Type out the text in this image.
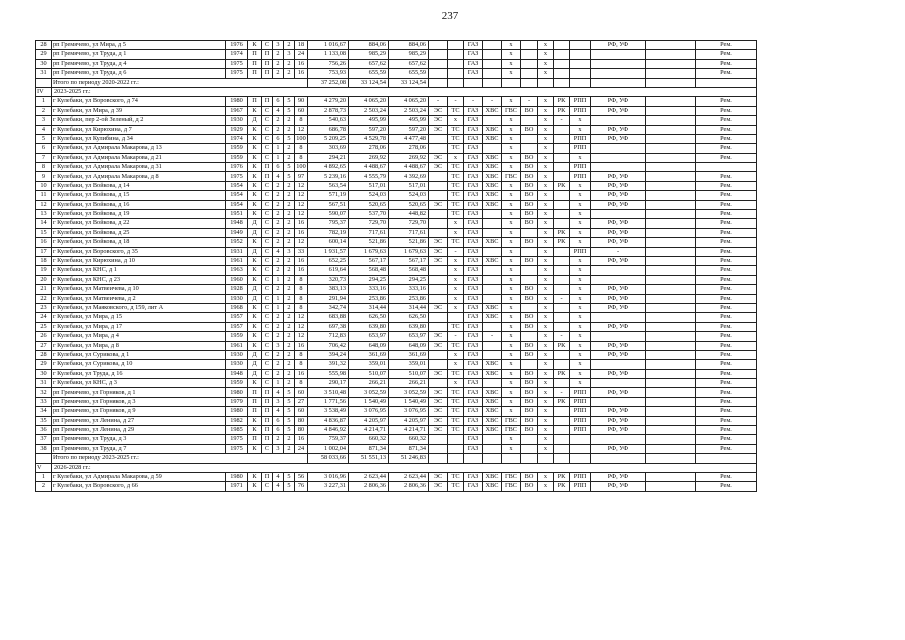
237
28	рп Гремячево, ул Мира, д 5	1976	К	С	3	2	18	1 016,67	884,06	884,06			ГАЗ		х		х			РФ, УФ		Рем.
29	рп Гремячево, ул Труда, д 1	1974	П	П	2	3	24	1 133,08	985,29	985,29			ГАЗ		х		х					Рем.
30	рп Гремячево, ул Труда, д 4	1975	П	П	2	2	16	756,26	657,62	657,62			ГАЗ		х		х					Рем.
31	рп Гремячево, ул Труда, д 6	1975	П	П	2	2	16	753,93	655,59	655,59			ГАЗ		х		х					Рем.
	Итого по периоду 2020-2022 гг.:							37 252,08	33 124,54	33 124,54												
IV	2023-2025 гг.:																					
1	г Кулебаки, ул Воровского, д 74	1980	П	П	6	5	90	4 279,20	4 065,20	4 065,20	-	-	-	-	х	-	х	РК	РПП	РФ, УФ		Рем.
2	г Кулебаки, ул Мира, д 39	1967	К	С	4	5	60	2 878,73	2 503,24	2 503,24	ЭС	ТС	ГАЗ	ХВС	ГВС	ВО	х	РК	РПП	РФ, УФ		Рем.
3	г Кулебаки, пер 2-ой Зеленый, д 2	1930	Д	С	2	2	8	540,63	495,99	495,99	ЭС	х	ГАЗ		х		х	-	х			Рем.
4	г Кулебаки, ул Кирюхина, д 7	1929	К	С	2	2	12	686,78	597,20	597,20	ЭС	ТС	ГАЗ	ХВС	х	ВО	х		х	РФ, УФ		Рем.
5	г Кулебаки, ул Кулибина, д 34	1974	К	С	6	5	100	5 209,25	4 529,78	4 477,48		ТС	ГАЗ	ХВС	х		х		РПП	РФ, УФ		Рем.
6	г Кулебаки, ул Адмирала Макарова, д 13	1959	К	С	1	2	8	303,69	278,06	278,06		ТС	ГАЗ		х		х		РПП			Рем.
7	г Кулебаки, ул Адмирала Макарова, д 21	1959	К	С	1	2	8	294,21	269,92	269,92	ЭС	х	ГАЗ	ХВС	х	ВО	х		х			Рем.
8	г Кулебаки, ул Адмирала Макарова, д 31	1976	К	П	6	5	100	4 892,65	4 488,67	4 488,67	ЭС	ТС	ГАЗ	ХВС	х	ВО	х		РПП			
9	г Кулебаки, ул Адмирала Макарова, д 8	1975	К	П	4	5	97	5 239,16	4 555,79	4 392,69		ТС	ГАЗ	ХВС	ГВС	ВО	х		РПП	РФ, УФ		Рем.
10	г Кулебаки, ул Войкова, д 14	1954	К	С	2	2	12	563,54	517,01	517,01		ТС	ГАЗ	ХВС	х	ВО	х	РК	х	РФ, УФ		Рем.
11	г Кулебаки, ул Войкова, д 15	1954	К	С	2	2	12	571,19	524,03	524,03		ТС	ГАЗ	ХВС	х	ВО	х		х	РФ, УФ		Рем.
12	г Кулебаки, ул Войкова, д 16	1954	К	С	2	2	12	567,51	520,65	520,65	ЭС	ТС	ГАЗ	ХВС	х	ВО	х		х	РФ, УФ		Рем.
13	г Кулебаки, ул Войкова, д 19	1951	К	С	2	2	12	590,07	537,70	448,82		ТС	ГАЗ		х	ВО	х		х			Рем.
14	г Кулебаки, ул Войкова, д 22	1948	Д	С	2	2	16	795,37	729,70	729,70		х	ГАЗ		х	ВО	х		х	РФ, УФ		Рем.
15	г Кулебаки, ул Войкова, д 25	1949	Д	С	2	2	16	782,19	717,61	717,61		х	ГАЗ		х		х	РК	х	РФ, УФ		Рем.
16	г Кулебаки, ул Войкова, д 18	1952	К	С	2	2	12	600,14	521,86	521,86	ЭС	ТС	ГАЗ	ХВС	х	ВО	х	РК	х	РФ, УФ		Рем.
17	г Кулебаки, ул Воровского, д 35	1931	Д	С	4	3	33	1 931,57	1 679,63	1 679,63	ЭС	-	ГАЗ		х		х		РПП	-		Рем.
18	г Кулебаки, ул Кирюхина, д 10	1961	К	С	2	2	16	652,25	567,17	567,17	ЭС	х	ГАЗ	ХВС	х	ВО	х		х	РФ, УФ		Рем.
19	г Кулебаки, ул КНС, д 1	1963	К	С	2	2	16	619,64	568,48	568,48		х	ГАЗ		х		х		х			Рем.
20	г Кулебаки, ул КНС, д 23	1960	К	С	1	2	8	320,73	294,25	294,25		х	ГАЗ		х		х		х			Рем.
21	г Кулебаки, ул Матвеичева, д 10	1928	Д	С	2	2	8	383,13	333,16	333,16		х	ГАЗ		х	ВО	х		х	РФ, УФ		Рем.
22	г Кулебаки, ул Матвеичева, д 2	1930	Д	С	1	2	8	291,94	253,86	253,86		х	ГАЗ		х	ВО	х	-	х	РФ, УФ		Рем.
23	г Кулебаки, ул Маяковского, д 159, лит А	1968	К	С	1	2	8	342,74	314,44	314,44	ЭС	х	ГАЗ	ХВС	х		х		х	РФ, УФ		Рем.
24	г Кулебаки, ул Мира, д 15	1957	К	С	2	2	12	683,88	626,50	626,50			ГАЗ	ХВС	х	ВО	х		х			Рем.
25	г Кулебаки, ул Мира, д 17	1957	К	С	2	2	12	697,38	639,80	639,80		ТС	ГАЗ		х	ВО	х		х	РФ, УФ		Рем.
26	г Кулебаки, ул Мира, д 4	1959	К	С	2	2	12	712,83	653,97	653,97	ЭС	-	ГАЗ	-	х		х	-	х			Рем.
27	г Кулебаки, ул Мира, д 8	1961	К	С	3	2	16	706,42	648,09	648,09	ЭС	ТС	ГАЗ		х	ВО	х	РК	х	РФ, УФ		Рем.
28	г Кулебаки, ул Сурикова, д 1	1930	Д	С	2	2	8	394,24	361,69	361,69		х	ГАЗ		х	ВО	х		х	РФ, УФ		Рем.
29	г Кулебаки, ул Сурикова, д 10	1930	Д	С	2	2	8	391,32	359,01	359,01		х	ГАЗ	ХВС	х		х		х			Рем.
30	г Кулебаки, ул Труда, д 16	1948	Д	С	2	2	16	555,98	510,07	510,07	ЭС	ТС	ГАЗ	ХВС	х	ВО	х	РК	х	РФ, УФ		Рем.
31	г Кулебаки, ул КНС, д 3	1959	К	С	1	2	8	290,17	266,21	266,21		х	ГАЗ		х	ВО	х		х			Рем.
32	рп Гремячево, ул Горняков, д 1	1980	П	П	4	5	60	3 510,48	3 052,59	3 052,59	ЭС	ТС	ГАЗ	ХВС	х	ВО	х	-	РПП	РФ, УФ		Рем.
33	рп Гремячево, ул Горняков, д 3	1979	П	П	3	5	27	1 771,56	1 540,49	1 540,49	ЭС	ТС	ГАЗ	ХВС	х	ВО	х	РК	РПП			Рем.
34	рп Гремячево, ул Горняков, д 9	1980	П	П	4	5	60	3 538,49	3 076,95	3 076,95	ЭС	ТС	ГАЗ	ХВС	х	ВО	х		РПП	РФ, УФ		Рем.
35	рп Гремячево, ул Ленина, д 27	1982	К	П	6	5	80	4 836,87	4 205,97	4 205,97	ЭС	ТС	ГАЗ	ХВС	ГВС	ВО	х		РПП	РФ, УФ		Рем.
36	рп Гремячево, ул Ленина, д 29	1985	К	П	6	5	80	4 846,92	4 214,71	4 214,71	ЭС	ТС	ГАЗ	ХВС	ГВС	ВО	х		РПП	РФ, УФ		Рем.
37	рп Гремячево, ул Труда, д 3	1975	П	П	2	2	16	759,37	660,32	660,32			ГАЗ		х		х					Рем.
38	рп Гремячево, ул Труда, д 7	1975	К	С	3	2	24	1 002,04	871,34	871,34			ГАЗ		х		х			РФ, УФ		Рем.
	Итого по периоду 2023-2025 гг.:							58 033,66	51 551,13	51 246,83												
V	2026-2028 гг.:																					
1	г Кулебаки, ул Адмирала Макарова, д 59	1980	К	П	4	5	56	3 016,96	2 623,44	2 623,44	ЭС	ТС	ГАЗ	ХВС	ГВС	ВО	х	РК	РПП	РФ, УФ		Рем.
2	г Кулебаки, ул Воровского, д 66	1971	К	С	4	5	76	3 227,31	2 806,36	2 806,36	ЭС	ТС	ГАЗ	ХВС	ГВС	ВО	х	РК	РПП	РФ, УФ		Рем.
